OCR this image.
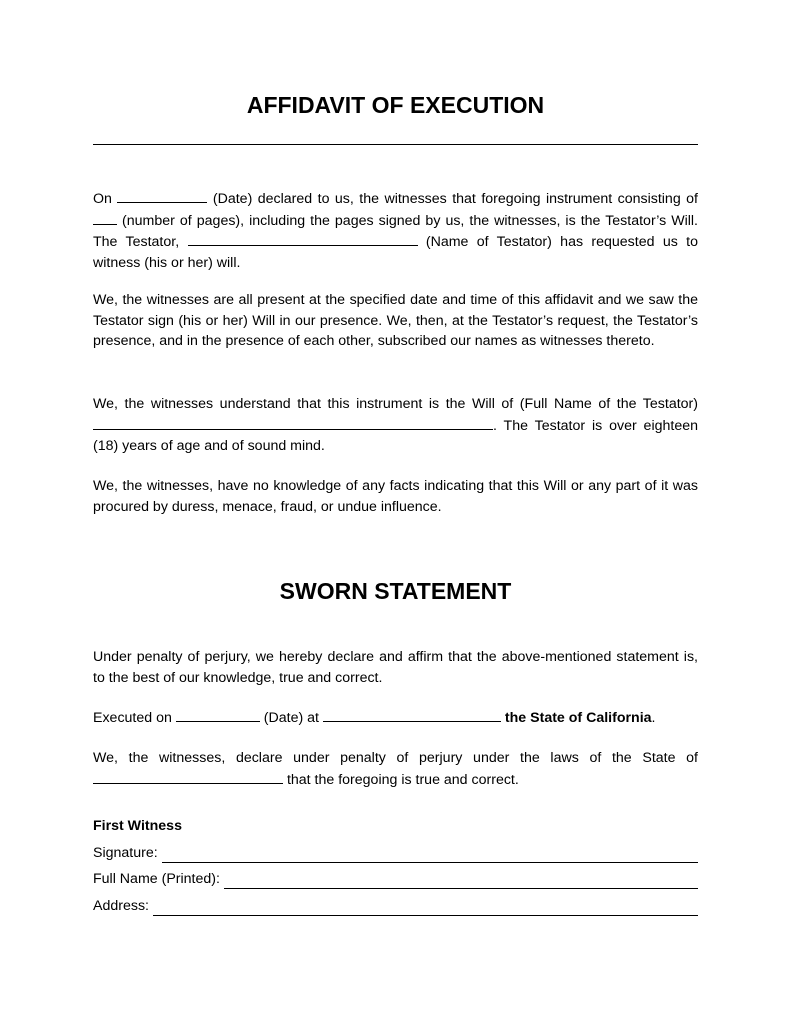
AFFIDAVIT OF EXECUTION
On	(Date) declared to us, the witnesses that foregoing instrument consisting of  (number of pages), including the pages signed by us, the witnesses, is the Testator’s Will. The Testator,	(Name of Testator) has requested us to witness (his or her) will.
We, the witnesses are all present at the specified date and time of this affidavit and we saw the Testator sign (his or her) Will in our presence. We, then, at the Testator’s request, the Testator’s presence, and in the presence of each other, subscribed our names as witnesses thereto.
We, the witnesses understand that this instrument is the Will of (Full Name of the Testator) . The Testator is over eighteen (18) years of age and of sound mind.
We, the witnesses, have no knowledge of any facts indicating that this Will or any part of it was procured by duress, menace, fraud, or undue influence.
SWORN STATEMENT
Under penalty of perjury, we hereby declare and affirm that the above-mentioned statement is, to the best of our knowledge, true and correct.
Executed on	(Date) at	the State of California.
We, the witnesses, declare under penalty of perjury under the laws of the State of  that the foregoing is true and correct.
First Witness
Signature:
Full Name (Printed):
Address:
